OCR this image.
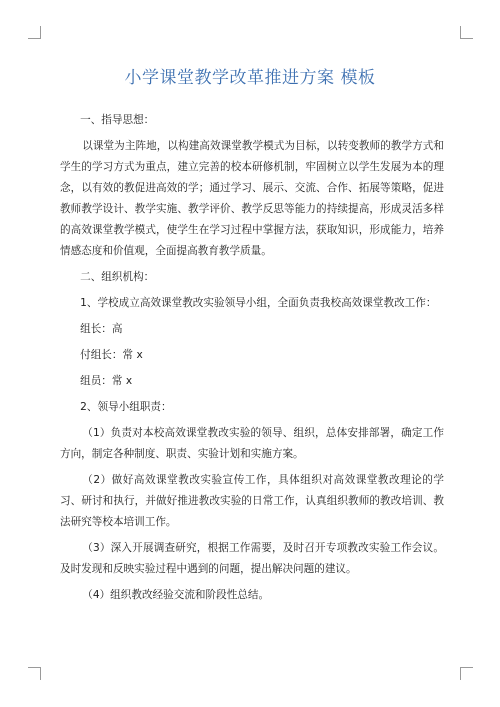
小学课堂教学改革推进方案 模板

一、指导思想：

以课堂为主阵地，以构建高效课堂教学模式为目标，以转变教师的教学方式和学生的学习方式为重点，建立完善的校本研修机制，牢固树立以学生发展为本的理念，以有效的教促进高效的学；通过学习、展示、交流、合作、拓展等策略，促进教师教学设计、教学实施、教学评价、教学反思等能力的持续提高，形成灵活多样的高效课堂教学模式，使学生在学习过程中掌握方法，获取知识，形成能力，培养情感态度和价值观，全面提高教育教学质量。

二、组织机构：

1、学校成立高效课堂教改实验领导小组，全面负责我校高效课堂教改工作：

组长：高

付组长：常 x

组员：常 x

2、领导小组职责：

（1）负责对本校高效课堂教改实验的领导、组织，总体安排部署，确定工作方向，制定各种制度、职责、实验计划和实施方案。

（2）做好高效课堂教改实验宣传工作，具体组织对高效课堂教改理论的学习、研讨和执行，并做好推进教改实验的日常工作，认真组织教师的教改培训、教法研究等校本培训工作。

（3）深入开展调查研究，根据工作需要，及时召开专项教改实验工作会议。及时发现和反映实验过程中遇到的问题，提出解决问题的建议。

（4）组织教改经验交流和阶段性总结。
